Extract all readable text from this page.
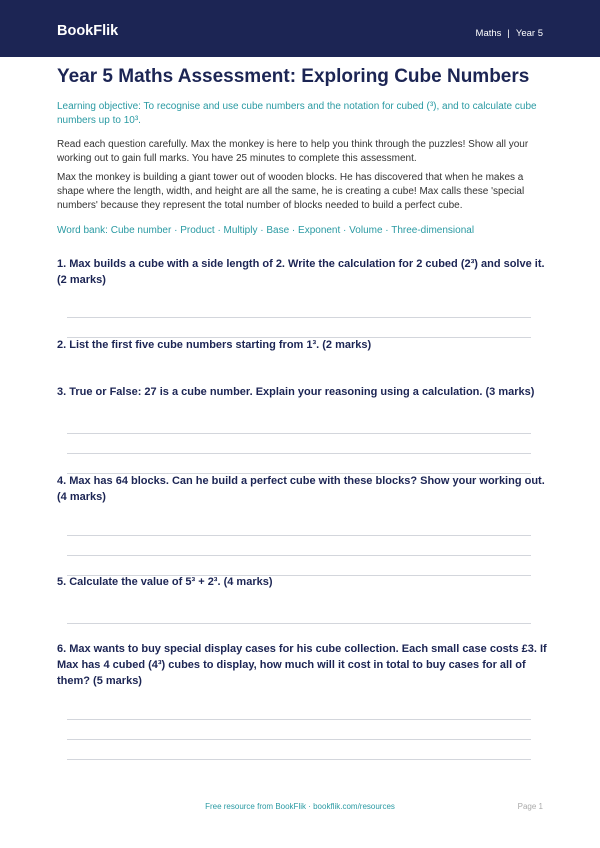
BookFlik	Maths | Year 5
Year 5 Maths Assessment: Exploring Cube Numbers
Learning objective: To recognise and use cube numbers and the notation for cubed (³), and to calculate cube numbers up to 10³.
Read each question carefully. Max the monkey is here to help you think through the puzzles! Show all your working out to gain full marks. You have 25 minutes to complete this assessment.
Max the monkey is building a giant tower out of wooden blocks. He has discovered that when he makes a shape where the length, width, and height are all the same, he is creating a cube! Max calls these 'special numbers' because they represent the total number of blocks needed to build a perfect cube.
Word bank: Cube number · Product · Multiply · Base · Exponent · Volume · Three-dimensional
1. Max builds a cube with a side length of 2. Write the calculation for 2 cubed (2³) and solve it. (2 marks)
2. List the first five cube numbers starting from 1³. (2 marks)
3. True or False: 27 is a cube number. Explain your reasoning using a calculation. (3 marks)
4. Max has 64 blocks. Can he build a perfect cube with these blocks? Show your working out. (4 marks)
5. Calculate the value of 5³ + 2³. (4 marks)
6. Max wants to buy special display cases for his cube collection. Each small case costs £3. If Max has 4 cubed (4³) cubes to display, how much will it cost in total to buy cases for all of them? (5 marks)
Free resource from BookFlik · bookflik.com/resources	Page 1
